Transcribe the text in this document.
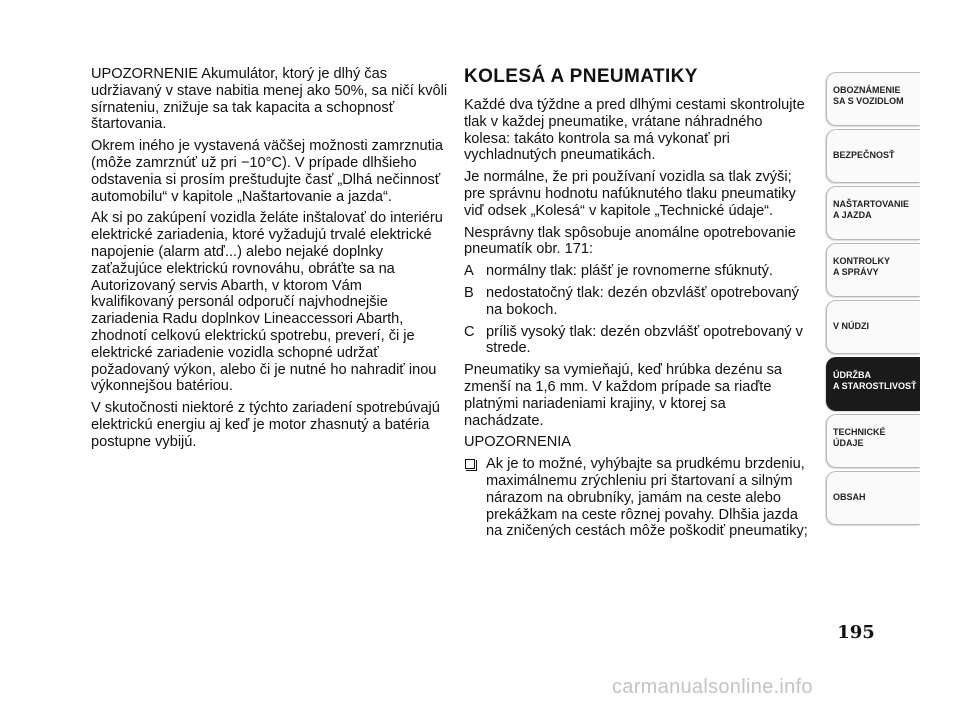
UPOZORNENIE Akumulátor, ktorý je dlhý čas udržiavaný v stave nabitia menej ako 50%, sa ničí kvôli sírnateniu, znižuje sa tak kapacita a schopnosť štartovania.

Okrem iného je vystavená väčšej možnosti zamrznutia (môže zamrznúť už pri −10°C). V prípade dlhšieho odstavenia si prosím preštudujte časť „Dlhá nečinnosť automobilu“ v kapitole „Naštartovanie a jazda“.

Ak si po zakúpení vozidla želáte inštalovať do interiéru elektrické zariadenia, ktoré vyžadujú trvalé elektrické napojenie (alarm atď...) alebo nejaké doplnky zaťažujúce elektrickú rovnováhu, obráťte sa na Autorizovaný servis Abarth, v ktorom Vám kvalifikovaný personál odporučí najvhodnejšie zariadenia Radu doplnkov Lineaccessori Abarth, zhodnotí celkovú elektrickú spotrebu, preverí, či je elektrické zariadenie vozidla schopné udržať požadovaný výkon, alebo či je nutné ho nahradiť inou výkonnejšou batériou.

V skutočnosti niektoré z týchto zariadení spotrebúvajú elektrickú energiu aj keď je motor zhasnutý a batéria postupne vybijú.

KOLESÁ A PNEUMATIKY

Každé dva týždne a pred dlhými cestami skontrolujte tlak v každej pneumatike, vrátane náhradného kolesa: takáto kontrola sa má vykonať pri vychladnutých pneumatikách.

Je normálne, že pri používaní vozidla sa tlak zvýši; pre správnu hodnotu nafúknutého tlaku pneumatiky viď odsek „Kolesá“ v kapitole „Technické údaje“.

Nesprávny tlak spôsobuje anomálne opotrebovanie pneumatík obr. 171:

A normálny tlak: plášť je rovnomerne sfúknutý.
B nedostatočný tlak: dezén obzvlášť opotrebovaný na bokoch.
C príliš vysoký tlak: dezén obzvlášť opotrebovaný v strede.

Pneumatiky sa vymieňajú, keď hrúbka dezénu sa zmenší na 1,6 mm. V každom prípade sa riaďte platnými nariadeniami krajiny, v ktorej sa nachádzate.

UPOZORNENIA

Ak je to možné, vyhýbajte sa prudkému brzdeniu, maximálnemu zrýchleniu pri štartovaní a silným nárazom na obrubníky, jamám na ceste alebo prekážkam na ceste rôznej povahy. Dlhšia jazda na zničených cestách môže poškodiť pneumatiky;
OBOZNÁMENIE
SA S VOZIDLOM
BEZPEČNOSŤ
NAŠTARTOVANIE
A JAZDA
KONTROLKY
A SPRÁVY
V NÚDZI
ÚDRŽBA
A STAROSTLIVOSŤ
TECHNICKÉ
ÚDAJE
OBSAH
195
carmanualsonline.info
